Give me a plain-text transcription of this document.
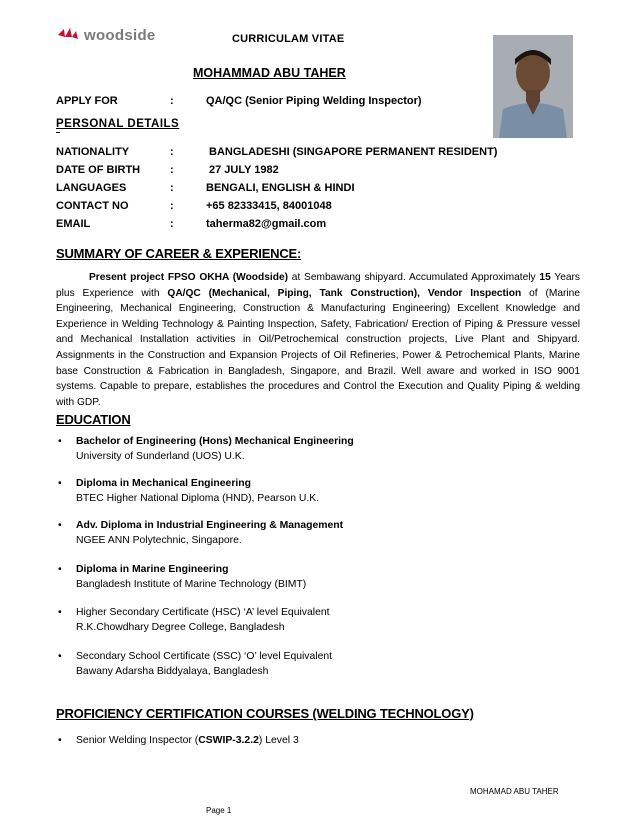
woodside	CURRICULAM VITAE
MOHAMMAD ABU TAHER
APPLY FOR	:	QA/QC (Senior Piping Welding Inspector)
PERSONAL DETAILS
NATIONALITY	:	BANGLADESHI (SINGAPORE PERMANENT RESIDENT)
DATE OF BIRTH	:	27 JULY 1982
LANGUAGES	:	BENGALI, ENGLISH & HINDI
CONTACT NO	:	+65 82333415, 84001048
EMAIL	:	taherma82@gmail.com
SUMMARY OF CAREER & EXPERIENCE:
Present project FPSO OKHA (Woodside) at Sembawang shipyard. Accumulated Approximately 15 Years plus Experience with QA/QC (Mechanical, Piping, Tank Construction), Vendor Inspection of (Marine Engineering, Mechanical Engineering, Construction & Manufacturing Engineering) Excellent Knowledge and Experience in Welding Technology & Painting Inspection, Safety, Fabrication/ Erection of Piping & Pressure vessel and Mechanical Installation activities in Oil/Petrochemical construction projects, Live Plant and Shipyard. Assignments in the Construction and Expansion Projects of Oil Refineries, Power & Petrochemical Plants, Marine base Construction & Fabrication in Bangladesh, Singapore, and Brazil. Well aware and worked in ISO 9001 systems. Capable to prepare, establishes the procedures and Control the Execution and Quality Piping & welding with GDP.
EDUCATION
• Bachelor of Engineering (Hons) Mechanical Engineering
University of Sunderland (UOS) U.K.
• Diploma in Mechanical Engineering
BTEC Higher National Diploma (HND), Pearson U.K.
• Adv. Diploma in Industrial Engineering & Management
NGEE ANN Polytechnic, Singapore.
• Diploma in Marine Engineering
Bangladesh Institute of Marine Technology (BIMT)
• Higher Secondary Certificate (HSC) ‘A’ level Equivalent
R.K.Chowdhary Degree College, Bangladesh
• Secondary School Certificate (SSC) ‘O’ level Equivalent
Bawany Adarsha Biddyalaya, Bangladesh
PROFICIENCY CERTIFICATION COURSES (WELDING TECHNOLOGY)
• Senior Welding Inspector (CSWIP-3.2.2) Level 3
MOHAMAD ABU TAHER
Page 1
